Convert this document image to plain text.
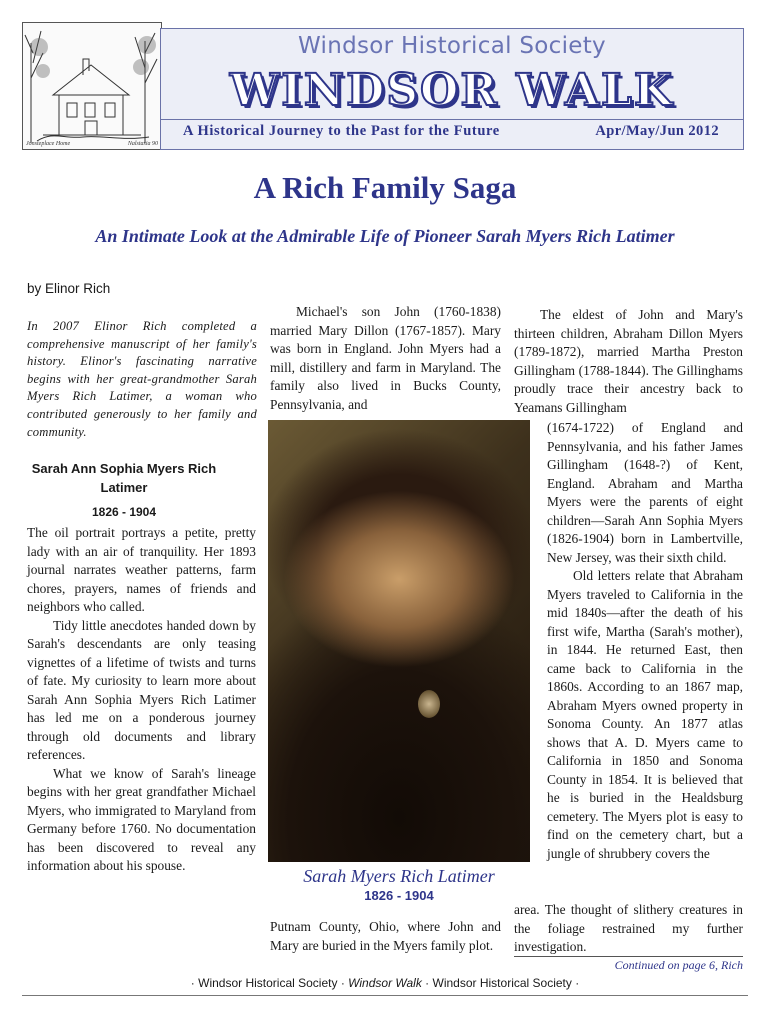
Jonsteplace Home	Nalstasia 90
Windsor Historical Society
WINDSOR WALK
A Historical Journey to the Past for the Future	Apr/May/Jun 2012
A Rich Family Saga
An Intimate Look at the Admirable Life of Pioneer Sarah Myers Rich Latimer
by Elinor Rich
In 2007 Elinor Rich completed a comprehensive manuscript of her family's history. Elinor's fascinating narrative begins with her great-grandmother Sarah Myers Rich Latimer, a woman who contributed generously to her family and community.
Sarah Ann Sophia Myers Rich Latimer
1826 - 1904

The oil portrait portrays a petite, pretty lady with an air of tranquility. Her 1893 journal narrates weather patterns, farm chores, prayers, names of friends and neighbors who called.

Tidy little anecdotes handed down by Sarah's descendants are only teasing vignettes of a lifetime of twists and turns of fate. My curiosity to learn more about Sarah Ann Sophia Myers Rich Latimer has led me on a ponderous journey through old documents and library references.

What we know of Sarah's lineage begins with her great grandfather Michael Myers, who immigrated to Maryland from Germany before 1760. No documentation has been discovered to reveal any information about his spouse.

Michael's son John (1760-1838) married Mary Dillon (1767-1857). Mary was born in England. John Myers had a mill, distillery and farm in Maryland. The family also lived in Bucks County, Pennsylvania, and

Sarah Myers Rich Latimer
1826 - 1904

Putnam County, Ohio, where John and Mary are buried in the Myers family plot.

The eldest of John and Mary's thirteen children, Abraham Dillon Myers (1789-1872), married Martha Preston Gillingham (1788-1844). The Gillinghams proudly trace their ancestry back to Yeamans Gillingham

(1674-1722) of England and Pennsylvania, and his father James Gillingham (1648-?) of Kent, England. Abraham and Martha Myers were the parents of eight children—Sarah Ann Sophia Myers (1826-1904) born in Lambertville, New Jersey, was their sixth child.

Old letters relate that Abraham Myers traveled to California in the mid 1840s—after the death of his first wife, Martha (Sarah's mother), in 1844. He returned East, then came back to California in the 1860s. According to an 1867 map, Abraham Myers owned property in Sonoma County. An 1877 atlas shows that A. D. Myers came to California in 1850 and Sonoma County in 1854. It is believed that he is buried in the Healdsburg cemetery. The Myers plot is easy to find on the cemetery chart, but a jungle of shrubbery covers the

area. The thought of slithery creatures in the foliage restrained my further investigation.

Continued on page 6, Rich
· Windsor Historical Society · Windsor Walk · Windsor Historical Society ·
